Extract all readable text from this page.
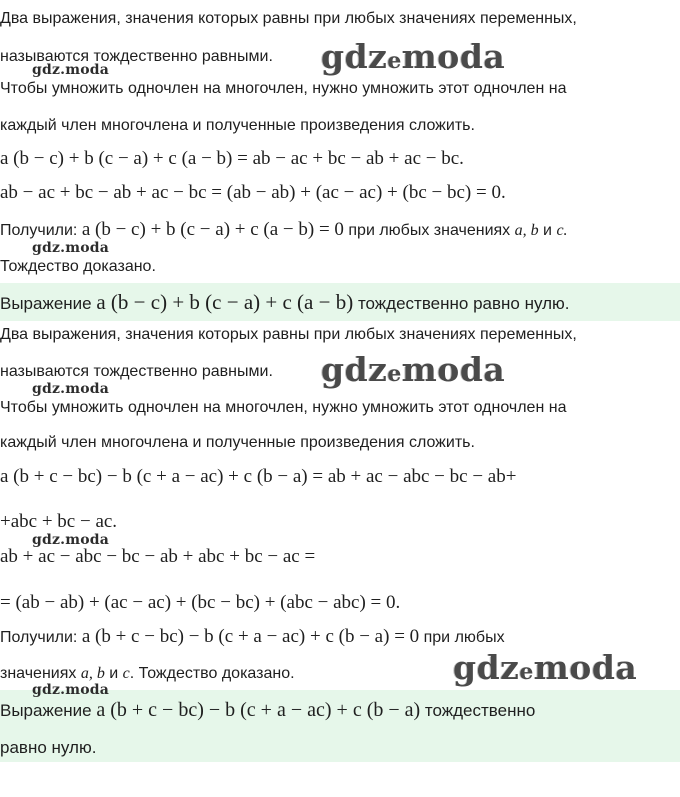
Два выражения, значения которых равны при любых значениях переменных,
называются тождественно равными.	gdzemoda
gdz.moda
Чтобы умножить одночлен на многочлен, нужно умножить этот одночлен на
каждый член многочлена и полученные произведения сложить.
a (b − c) + b (c − a) + c (a − b) = ab − ac + bc − ab + ac − bc.
ab − ac + bc − ab + ac − bc = (ab − ab) + (ac − ac) + (bc − bc) = 0.
Получили: a (b − c) + b (c − a) + c (a − b) = 0 при любых значениях a, b и c.
gdz.moda
Тождество доказано.
Выражение a (b − c) + b (c − a) + c (a − b) тождественно равно нулю.
Два выражения, значения которых равны при любых значениях переменных,
называются тождественно равными.	gdzemoda
gdz.moda
Чтобы умножить одночлен на многочлен, нужно умножить этот одночлен на
каждый член многочлена и полученные произведения сложить.
a (b + c − bc) − b (c + a − ac) + c (b − a) = ab + ac − abc − bc − ab+
+abc + bc − ac.
gdz.moda
ab + ac − abc − bc − ab + abc + bc − ac =
= (ab − ab) + (ac − ac) + (bc − bc) + (abc − abc) = 0.
Получили: a (b + c − bc) − b (c + a − ac) + c (b − a) = 0 при любых
значениях a, b и c. Тождество доказано.	gdzemoda
gdz.moda
Выражение a (b + c − bc) − b (c + a − ac) + c (b − a) тождественно
равно нулю.
